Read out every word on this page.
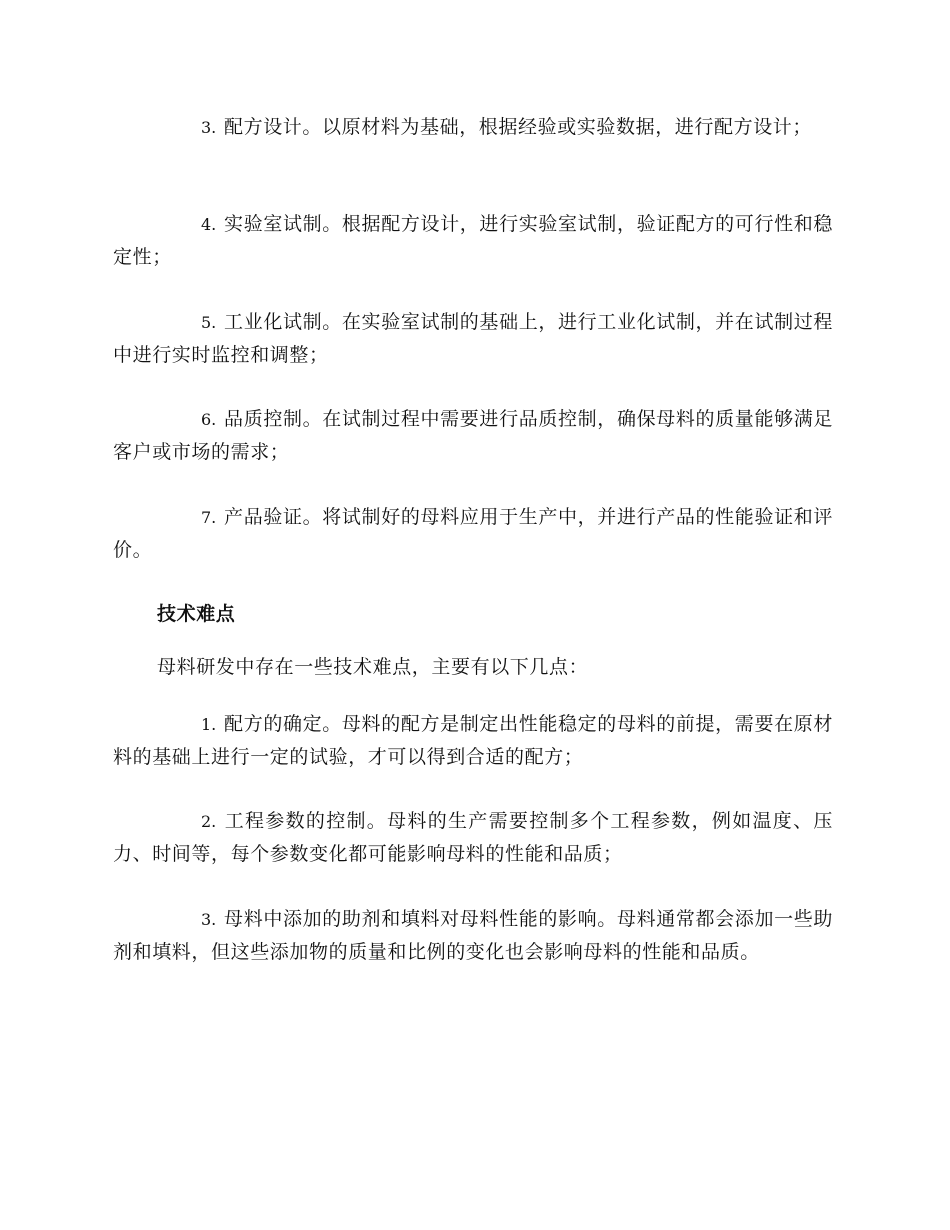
3. 配方设计。以原材料为基础，根据经验或实验数据，进行配方设计；
4. 实验室试制。根据配方设计，进行实验室试制，验证配方的可行性和稳定性；
5. 工业化试制。在实验室试制的基础上，进行工业化试制，并在试制过程中进行实时监控和调整；
6. 品质控制。在试制过程中需要进行品质控制，确保母料的质量能够满足客户或市场的需求；
7. 产品验证。将试制好的母料应用于生产中，并进行产品的性能验证和评价。
技术难点
母料研发中存在一些技术难点，主要有以下几点：
1. 配方的确定。母料的配方是制定出性能稳定的母料的前提，需要在原材料的基础上进行一定的试验，才可以得到合适的配方；
2. 工程参数的控制。母料的生产需要控制多个工程参数，例如温度、压力、时间等，每个参数变化都可能影响母料的性能和品质；
3. 母料中添加的助剂和填料对母料性能的影响。母料通常都会添加一些助剂和填料，但这些添加物的质量和比例的变化也会影响母料的性能和品质。
